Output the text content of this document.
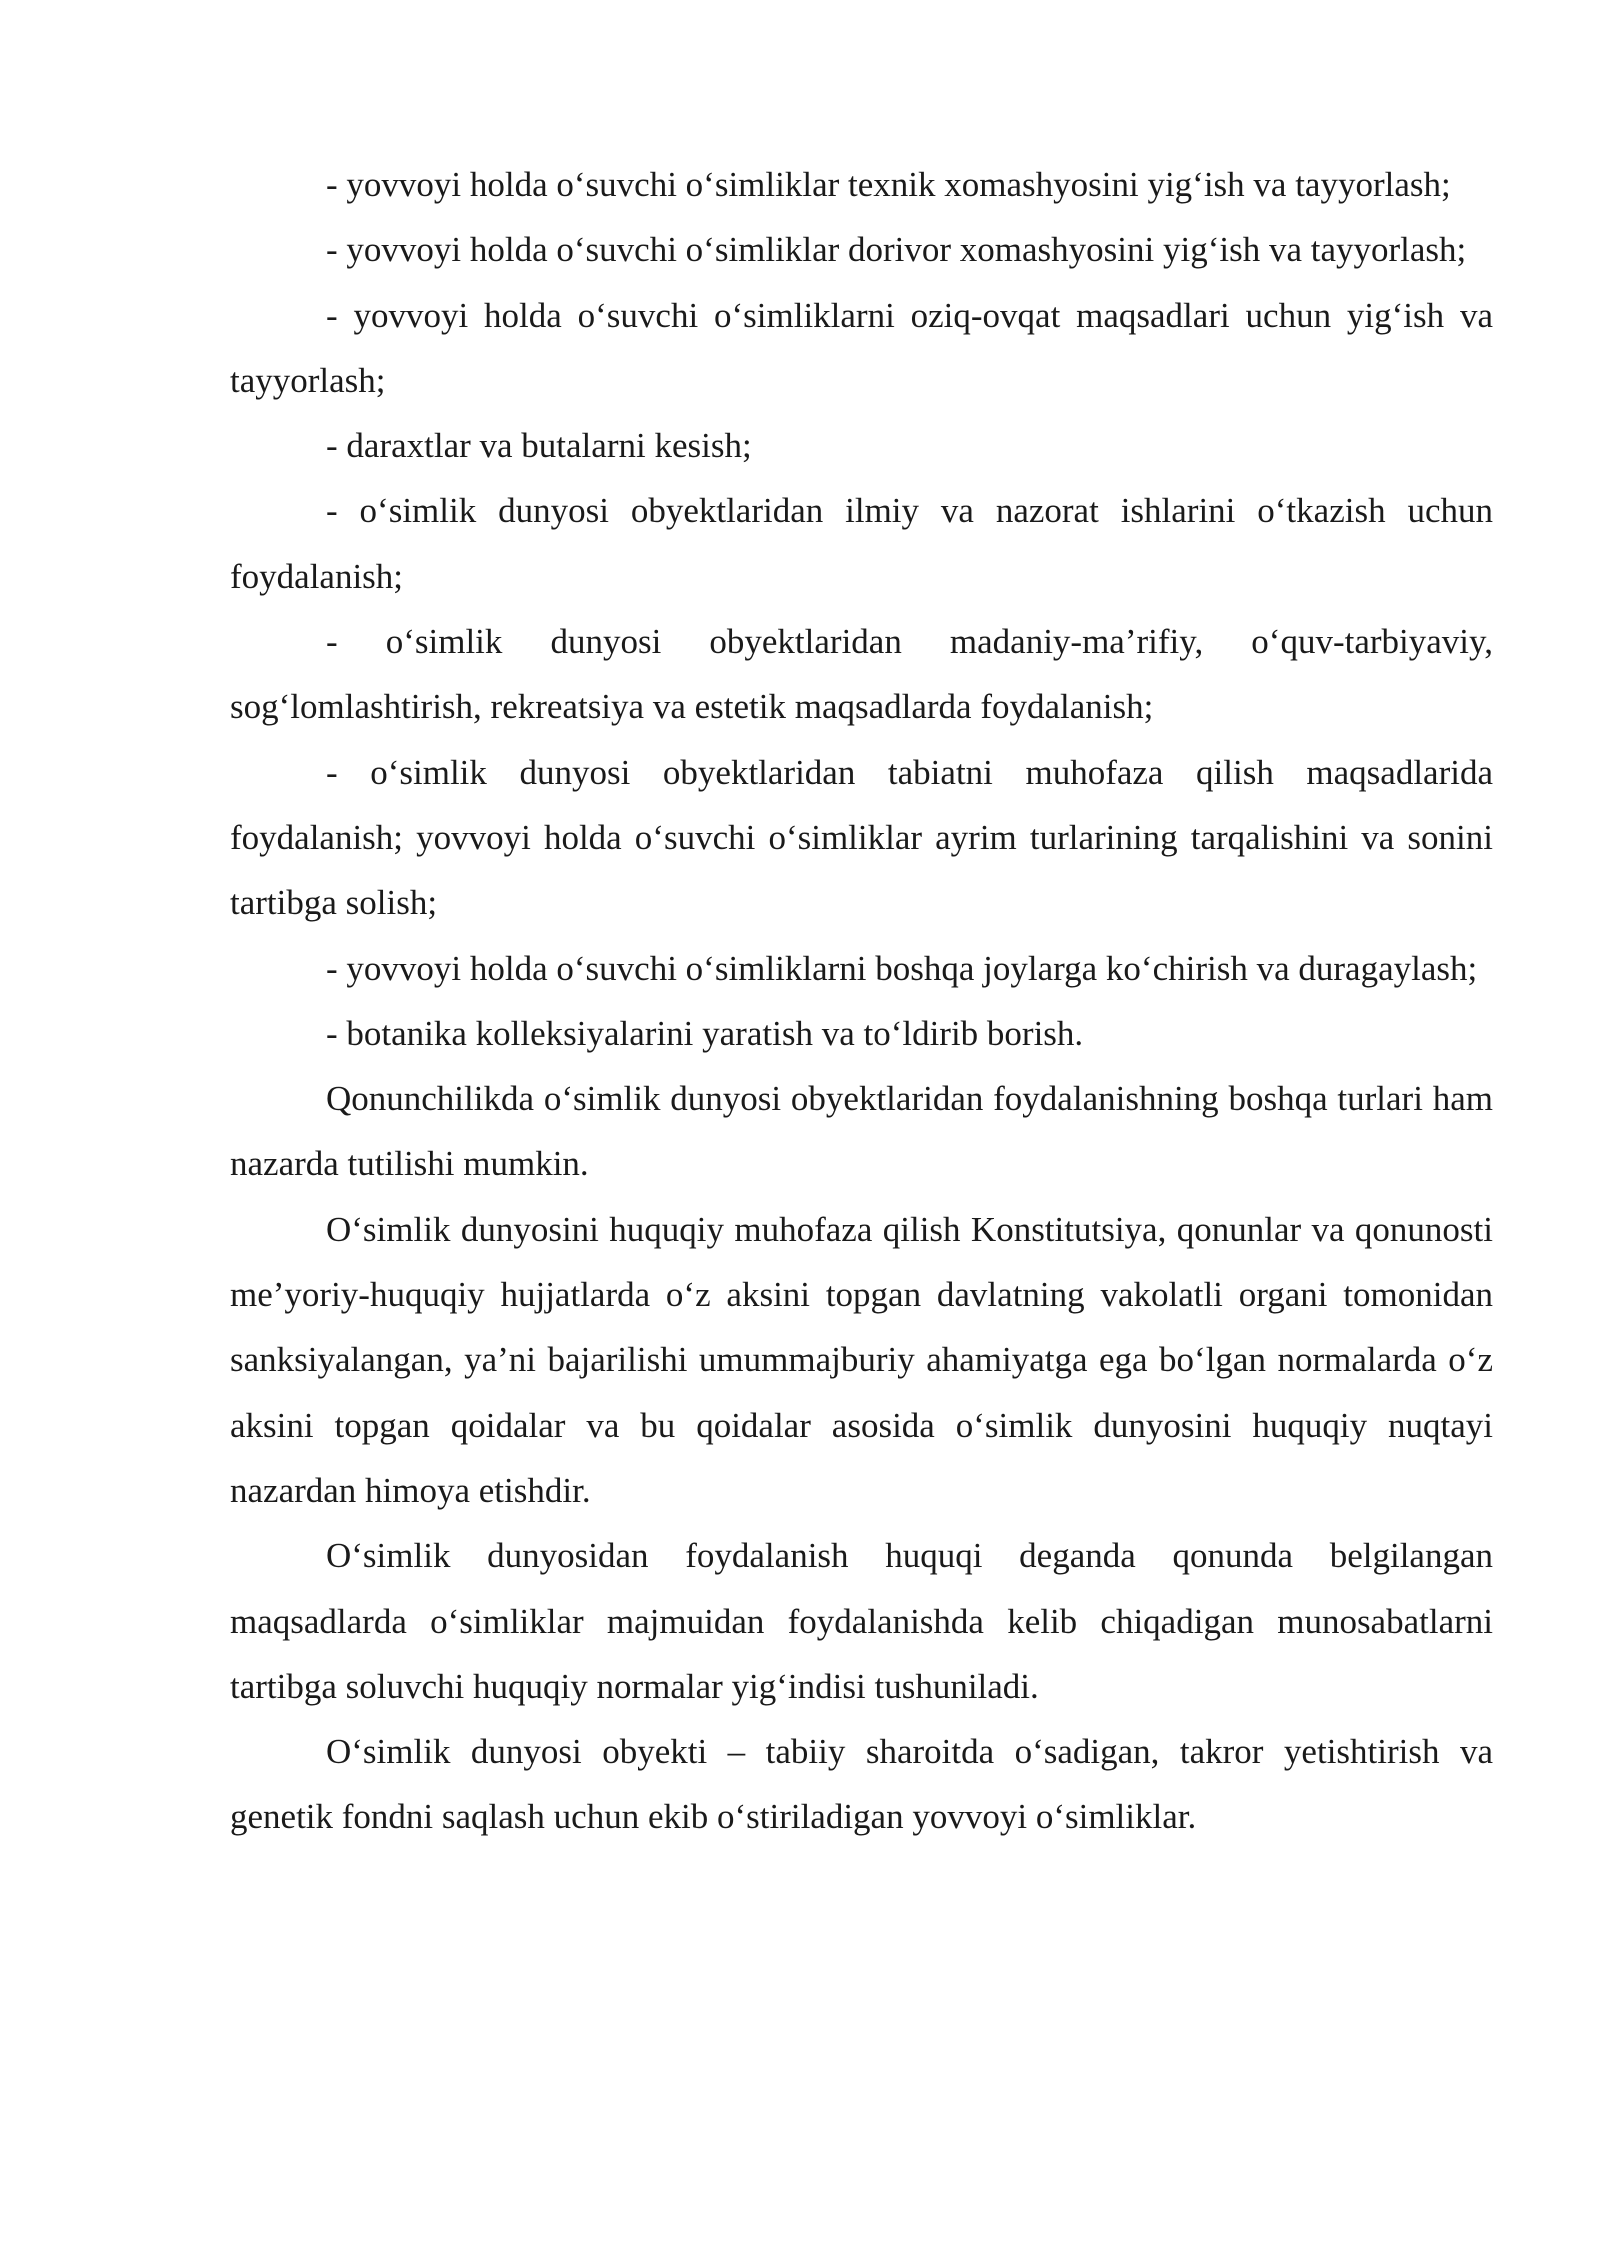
- yovvoyi holda o‘suvchi o‘simliklar texnik xomashyosini yig‘ish va tayyorlash;

- yovvoyi holda o‘suvchi o‘simliklar dorivor xomashyosini yig‘ish va tayyorlash;

- yovvoyi holda o‘suvchi o‘simliklarni oziq-ovqat maqsadlari uchun yig‘ish va tayyorlash;

- daraxtlar va butalarni kesish;

- o‘simlik dunyosi obyektlaridan ilmiy va nazorat ishlarini o‘tkazish uchun foydalanish;

- o‘simlik dunyosi obyektlaridan madaniy-ma’rifiy, o‘quv-tarbiyaviy, sog‘lomlashtirish, rekreatsiya va estetik maqsadlarda foydalanish;

- o‘simlik dunyosi obyektlaridan tabiatni muhofaza qilish maqsadlarida foydalanish; yovvoyi holda o‘suvchi o‘simliklar ayrim turlarining tarqalishini va sonini tartibga solish;

- yovvoyi holda o‘suvchi o‘simliklarni boshqa joylarga ko‘chirish va duragaylash;

- botanika kolleksiyalarini yaratish va to‘ldirib borish.

Qonunchilikda o‘simlik dunyosi obyektlaridan foydalanishning boshqa turlari ham nazarda tutilishi mumkin.

O‘simlik dunyosini huquqiy muhofaza qilish Konstitutsiya, qonunlar va qonunosti me’yoriy-huquqiy hujjatlarda o‘z aksini topgan davlatning vakolatli organi tomonidan sanksiyalangan, ya’ni bajarilishi umummajburiy ahamiyatga ega bo‘lgan normalarda o‘z aksini topgan qoidalar va bu qoidalar asosida o‘simlik dunyosini huquqiy nuqtayi nazardan himoya etishdir.

O‘simlik dunyosidan foydalanish huquqi deganda qonunda belgilangan maqsadlarda o‘simliklar majmuidan foydalanishda kelib chiqadigan munosabatlarni tartibga soluvchi huquqiy normalar yig‘indisi tushuniladi.

O‘simlik dunyosi obyekti – tabiiy sharoitda o‘sadigan, takror yetishtirish va genetik fondni saqlash uchun ekib o‘stiriladigan yovvoyi o‘simliklar.
